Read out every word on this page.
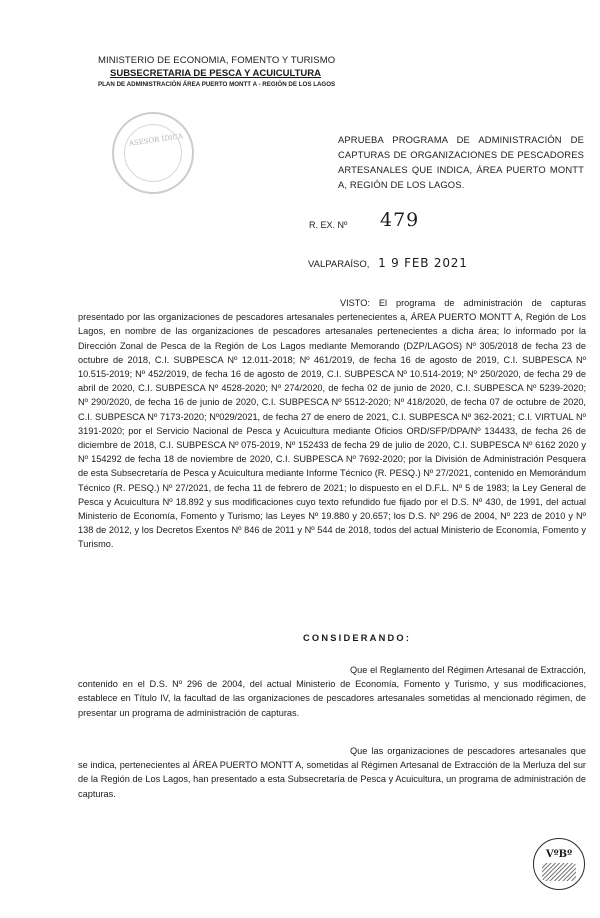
MINISTERIO DE ECONOMIA, FOMENTO Y TURISMO
SUBSECRETARIA DE PESCA Y ACUICULTURA
PLAN DE ADMINISTRACIÓN ÁREA PUERTO MONTT A - REGIÓN DE LOS LAGOS
ASESOR ÍDICA	APRUEBA PROGRAMA DE ADMINISTRACIÓN DE CAPTURAS DE ORGANIZACIONES DE PESCADORES ARTESANALES QUE INDICA, ÁREA PUERTO MONTT A, REGIÓN DE LOS LAGOS.
R. EX. Nº 479
VALPARAÍSO, 1 9 FEB 2021
VISTO: El programa de administración de capturas presentado por las organizaciones de pescadores artesanales pertenecientes a, ÁREA PUERTO MONTT A, Región de Los Lagos, en nombre de las organizaciones de pescadores artesanales pertenecientes a dicha área; lo informado por la Dirección Zonal de Pesca de la Región de Los Lagos mediante Memorando (DZP/LAGOS) Nº 305/2018 de fecha 23 de octubre de 2018, C.I. SUBPESCA Nº 12.011-2018; Nº 461/2019, de fecha 16 de agosto de 2019, C.I. SUBPESCA Nº 10.515-2019; Nº 452/2019, de fecha 16 de agosto de 2019, C.I. SUBPESCA Nº 10.514-2019; Nº 250/2020, de fecha 29 de abril de 2020, C.I. SUBPESCA Nº 4528-2020; Nº 274/2020, de fecha 02 de junio de 2020, C.I. SUBPESCA Nº 5239-2020; Nº 290/2020, de fecha 16 de junio de 2020, C.I. SUBPESCA Nº 5512-2020; Nº 418/2020, de fecha 07 de octubre de 2020, C.I. SUBPESCA Nº 7173-2020; Nº029/2021, de fecha 27 de enero de 2021, C.I. SUBPESCA Nº 362-2021; C.I. VIRTUAL Nº 3191-2020; por el Servicio Nacional de Pesca y Acuicultura mediante Oficios ORD/SFP/DPA/Nº 134433, de fecha 26 de diciembre de 2018, C.I. SUBPESCA Nº 075-2019, Nº 152433 de fecha 29 de julio de 2020, C.I. SUBPESCA Nº 6162 2020 y Nº 154292 de fecha 18 de noviembre de 2020, C.I. SUBPESCA Nº 7692-2020; por la División de Administración Pesquera de esta Subsecretaría de Pesca y Acuicultura mediante Informe Técnico (R. PESQ.) Nº 27/2021, contenido en Memorándum Técnico (R. PESQ.) Nº 27/2021, de fecha 11 de febrero de 2021; lo dispuesto en el D.F.L. Nº 5 de 1983; la Ley General de Pesca y Acuicultura Nº 18.892 y sus modificaciones cuyo texto refundido fue fijado por el D.S. Nº 430, de 1991, del actual Ministerio de Economía, Fomento y Turismo; las Leyes Nº 19.880 y 20.657; los D.S. Nº 296 de 2004, Nº 223 de 2010 y Nº 138 de 2012, y los Decretos Exentos Nº 846 de 2011 y Nº 544 de 2018, todos del actual Ministerio de Economía, Fomento y Turismo.
CONSIDERANDO:
Que el Reglamento del Régimen Artesanal de Extracción, contenido en el D.S. Nº 296 de 2004, del actual Ministerio de Economía, Fomento y Turismo, y sus modificaciones, establece en Título IV, la facultad de las organizaciones de pescadores artesanales sometidas al mencionado régimen, de presentar un programa de administración de capturas.
Que las organizaciones de pescadores artesanales que se indica, pertenecientes al ÁREA PUERTO MONTT A, sometidas al Régimen Artesanal de Extracción de la Merluza del sur de la Región de Los Lagos, han presentado a esta Subsecretaría de Pesca y Acuicultura, un programa de administración de capturas.
VºBº
